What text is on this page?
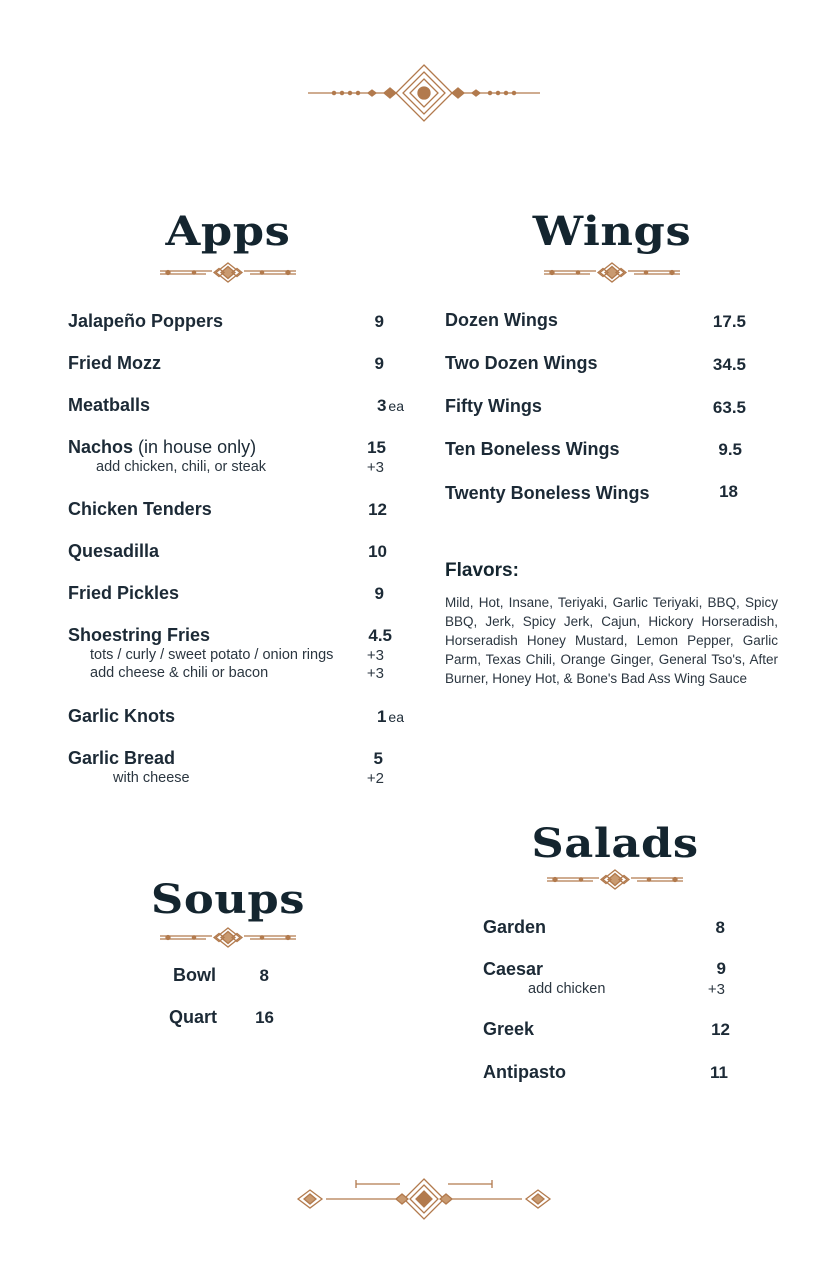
Apps
Jalapeño Poppers	9
Fried Mozz	9
Meatballs	3 ea
Nachos (in house only)	15
add chicken, chili, or steak	+3
Chicken Tenders	12
Quesadilla	10
Fried Pickles	9
Shoestring Fries	4.5
tots / curly / sweet potato / onion rings	+3
add cheese & chili or bacon	+3
Garlic Knots	1 ea
Garlic Bread	5
with cheese	+2
Wings
Dozen Wings	17.5
Two Dozen Wings	34.5
Fifty Wings	63.5
Ten Boneless Wings	9.5
Twenty Boneless Wings	18
Flavors:

Mild, Hot, Insane, Teriyaki, Garlic Teriyaki, BBQ, Spicy BBQ, Jerk, Spicy Jerk, Cajun, Hickory Horseradish, Horseradish Honey Mustard, Lemon Pepper, Garlic Parm, Texas Chili, Orange Ginger, General Tso's, After Burner, Honey Hot, & Bone's Bad Ass Wing Sauce

Salads
Garden	8
Caesar	9
add chicken	+3
Greek	12
Antipasto	11
Soups
Bowl	8
Quart	16
